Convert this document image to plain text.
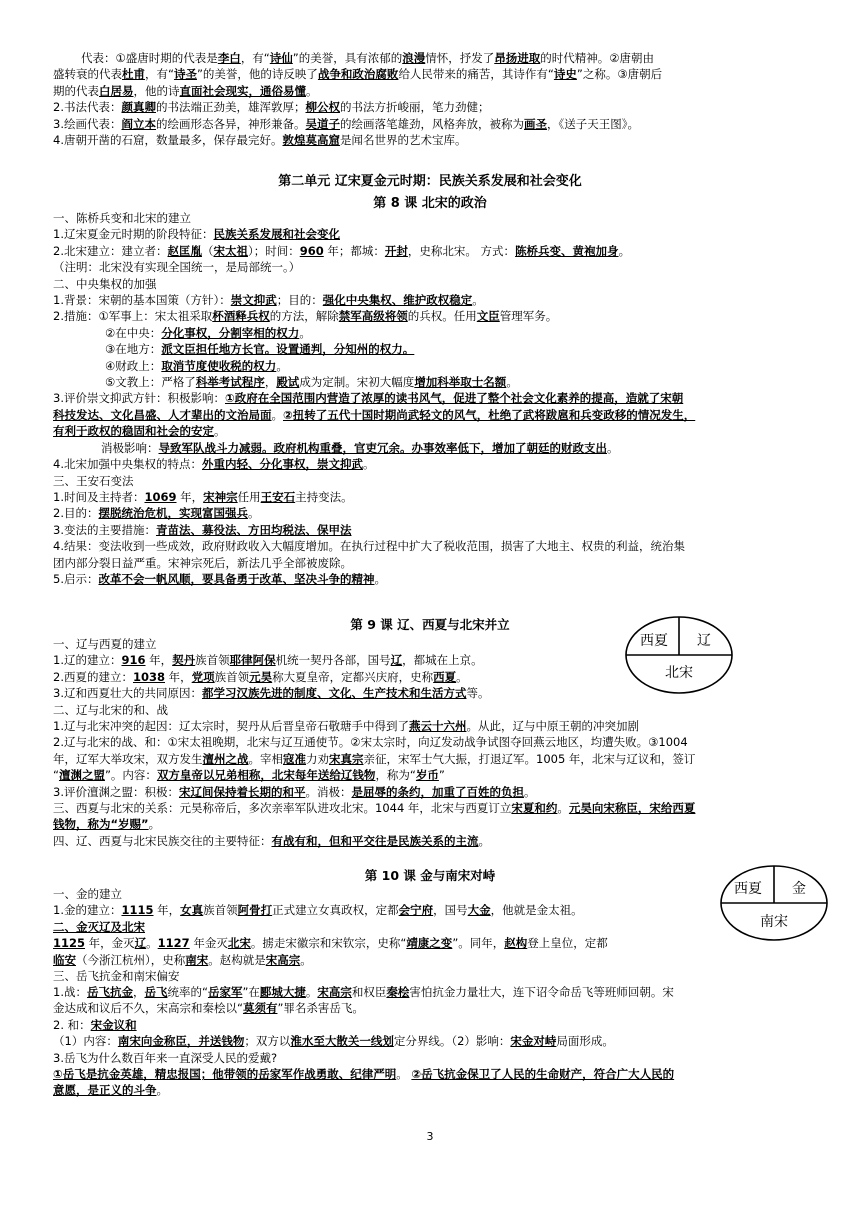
代表：①盛唐时期的代表是李白，有“诗仙”的美誉，具有浓郁的浪漫情怀，抒发了昂扬进取的时代精神。②唐朝由

盛转衰的代表杜甫，有“诗圣”的美誉，他的诗反映了战争和政治腐败给人民带来的痛苦，其诗作有“诗史”之称。③唐朝后

期的代表白居易，他的诗直面社会现实，通俗易懂。

2.书法代表：颜真卿的书法端正劲美，雄浑敦厚；柳公权的书法方折峻丽，笔力劲健；

3.绘画代表：阎立本的绘画形态各异，神形兼备。吴道子的绘画落笔雄劲，风格奔放，被称为画圣，《送子天王图》。

4.唐朝开凿的石窟，数量最多，保存最完好。敦煌莫高窟是闻名世界的艺术宝库。

第二单元 辽宋夏金元时期：民族关系发展和社会变化
第 8 课 北宋的政治

一、陈桥兵变和北宋的建立

1.辽宋夏金元时期的阶段特征：民族关系发展和社会变化

2.北宋建立：建立者：赵匡胤（宋太祖）；时间：960 年；都城：开封，史称北宋。 方式：陈桥兵变、黄袍加身。

（注明：北宋没有实现全国统一，是局部统一。）

二、中央集权的加强

1.背景：宋朝的基本国策（方针）：崇文抑武；目的：强化中央集权、维护政权稳定。

2.措施：①军事上：宋太祖采取杯酒释兵权的方法，解除禁军高级将领的兵权。任用文臣管理军务。

②在中央：分化事权，分割宰相的权力。

③在地方：派文臣担任地方长官。设置通判，分知州的权力。

④财政上：取消节度使收税的权力。

⑤文教上：严格了科举考试程序，殿试成为定制。宋初大幅度增加科举取士名额。

3.评价崇文抑武方针：积极影响：①政府在全国范围内营造了浓厚的读书风气，促进了整个社会文化素养的提高，造就了宋朝

科技发达、文化昌盛、人才辈出的文治局面。②扭转了五代十国时期尚武轻文的风气，杜绝了武将跋扈和兵变政移的情况发生，

有利于政权的稳固和社会的安定。

消极影响：导致军队战斗力减弱。政府机构重叠，官吏冗余。办事效率低下，增加了朝廷的财政支出。

4.北宋加强中央集权的特点：外重内轻、分化事权，崇文抑武。

三、王安石变法

1.时间及主持者：1069 年，宋神宗任用王安石主持变法。

2.目的：摆脱统治危机，实现富国强兵。

3.变法的主要措施：青苗法、募役法、方田均税法、保甲法

4.结果：变法收到一些成效，政府财政收入大幅度增加。在执行过程中扩大了税收范围，损害了大地主、权贵的利益，统治集

团内部分裂日益严重。宋神宗死后，新法几乎全部被废除。

5.启示：改革不会一帆风顺，要具备勇于改革、坚决斗争的精神。

第 9 课 辽、西夏与北宋并立
西夏 辽
北宋

一、辽与西夏的建立

1.辽的建立：916 年，契丹族首领耶律阿保机统一契丹各部，国号辽，都城在上京。

2.西夏的建立：1038 年，党项族首领元昊称大夏皇帝，定都兴庆府，史称西夏。

3.辽和西夏壮大的共同原因：都学习汉族先进的制度、文化、生产技术和生活方式等。

二、辽与北宋的和、战

1.辽与北宋冲突的起因：辽太宗时，契丹从后晋皇帝石敬瑭手中得到了燕云十六州。从此，辽与中原王朝的冲突加剧

2.辽与北宋的战、和：①宋太祖晚期，北宋与辽互通使节。②宋太宗时，向辽发动战争试图夺回燕云地区，均遭失败。③1004

年，辽军大举攻宋，双方发生澶州之战。宰相寇准力劝宋真宗亲征，宋军士气大振，打退辽军。1005 年，北宋与辽议和，签订

“澶渊之盟”。内容：双方皇帝以兄弟相称，北宋每年送给辽钱物，称为“岁币”

3.评价澶渊之盟：积极：宋辽间保持着长期的和平。消极：是屈辱的条约，加重了百姓的负担。

三、西夏与北宋的关系：元昊称帝后，多次亲率军队进攻北宋。1044 年，北宋与西夏订立宋夏和约。元昊向宋称臣，宋给西夏

钱物，称为“岁赐”。

四、辽、西夏与北宋民族交往的主要特征：有战有和，但和平交往是民族关系的主流。

第 10 课 金与南宋对峙
西夏 金
南宋

一、金的建立

1.金的建立：1115 年，女真族首领阿骨打正式建立女真政权，定都会宁府，国号大金，他就是金太祖。

二、金灭辽及北宋

1125 年，金灭辽。1127 年金灭北宋。掳走宋徽宗和宋钦宗，史称“靖康之变”。同年，赵构登上皇位，定都

临安（今浙江杭州），史称南宋。赵构就是宋高宗。

三、岳飞抗金和南宋偏安

1.战：岳飞抗金，岳飞统率的“岳家军”在郾城大捷。宋高宗和权臣秦桧害怕抗金力量壮大，连下诏令命岳飞等班师回朝。宋

金达成和议后不久，宋高宗和秦桧以“莫须有”罪名杀害岳飞。

2. 和：宋金议和

（1）内容：南宋向金称臣，并送钱物；双方以淮水至大散关一线划定分界线。（2）影响：宋金对峙局面形成。

3.岳飞为什么数百年来一直深受人民的爱戴?

①岳飞是抗金英雄，精忠报国；他带领的岳家军作战勇敢、纪律严明。 ②岳飞抗金保卫了人民的生命财产，符合广大人民的

意愿，是正义的斗争。

3
